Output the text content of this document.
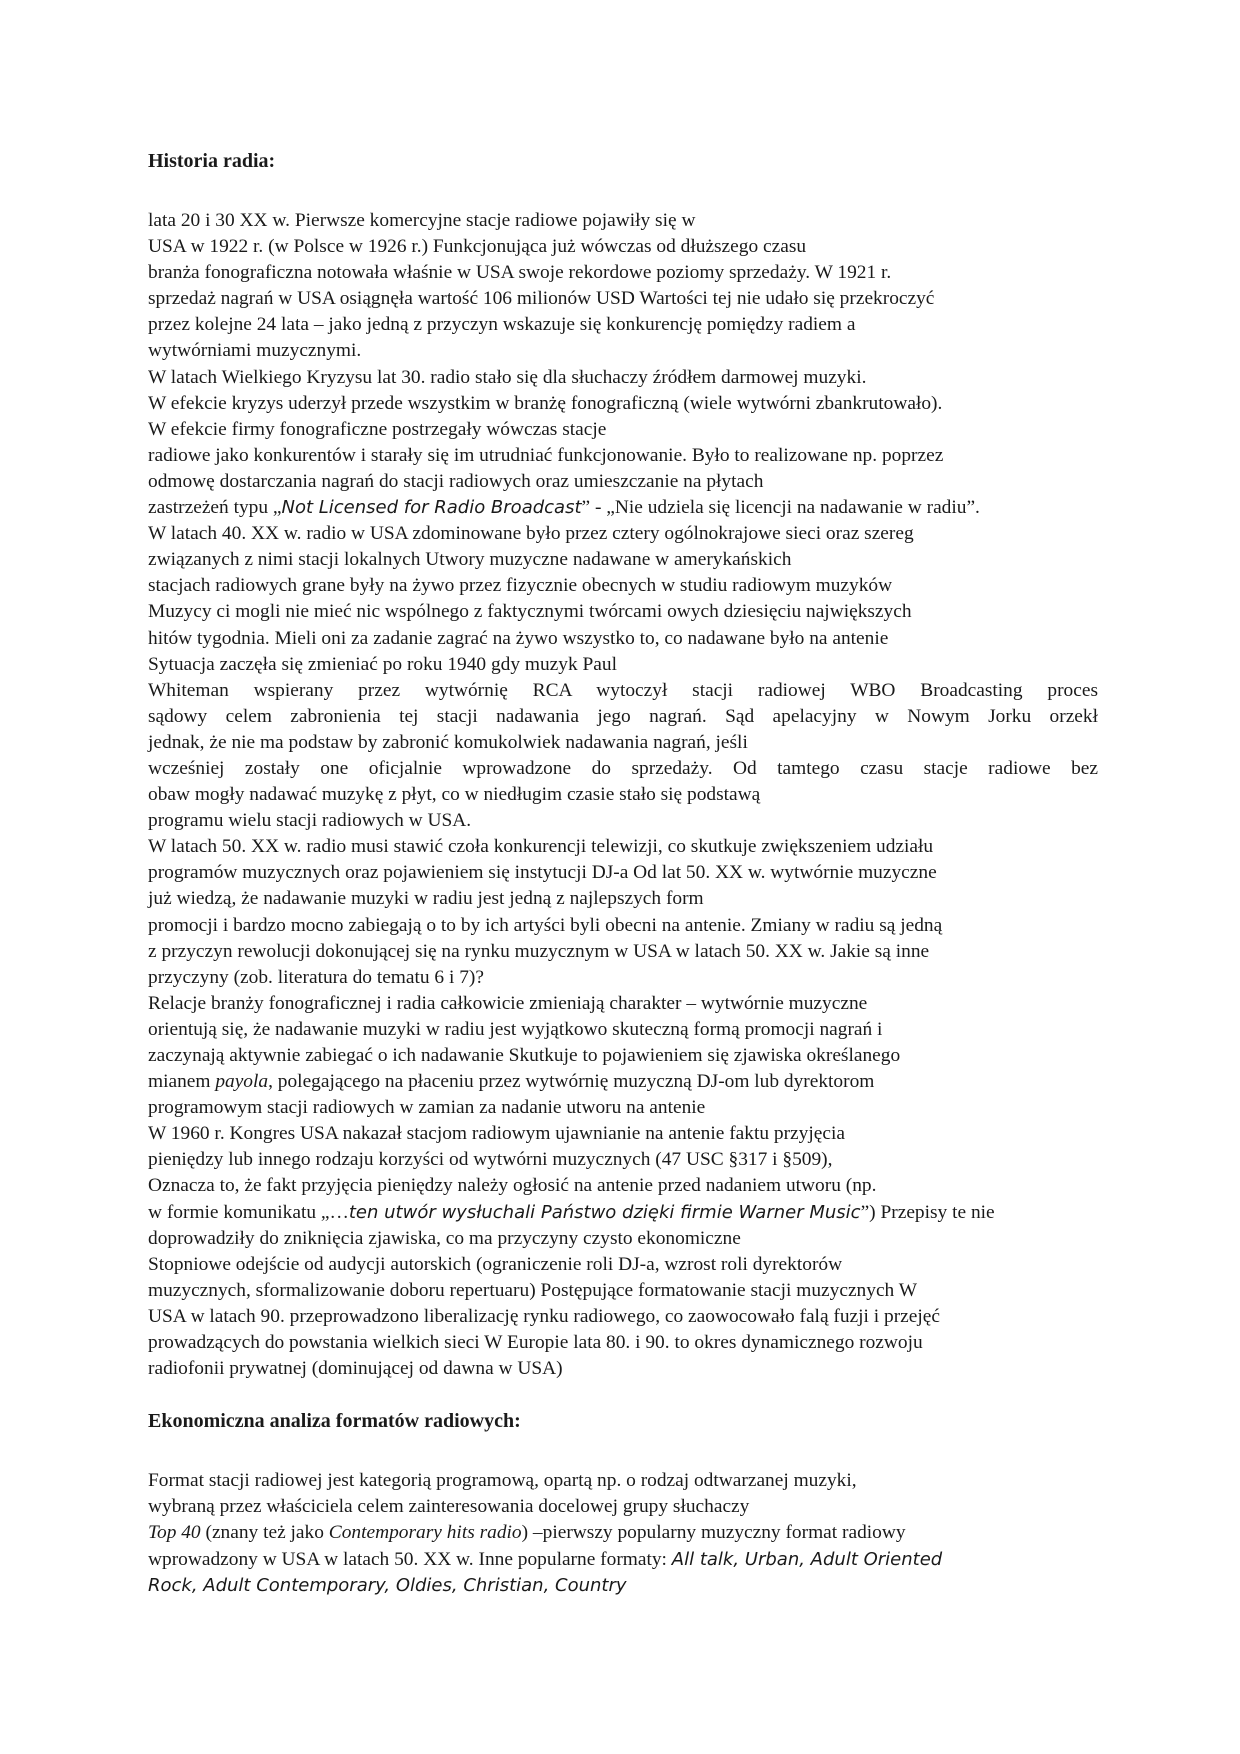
Historia radia:
lata 20 i 30 XX w. Pierwsze komercyjne stacje radiowe pojawiły się w
USA w 1922 r. (w Polsce w 1926 r.) Funkcjonująca już wówczas od dłuższego czasu
branża fonograficzna notowała właśnie w USA swoje rekordowe poziomy sprzedaży. W 1921 r.
sprzedaż nagrań w USA osiągnęła wartość 106 milionów USD Wartości tej nie udało się przekroczyć
przez kolejne 24 lata – jako jedną z przyczyn wskazuje się konkurencję pomiędzy radiem a
wytwórniami muzycznymi.
W latach Wielkiego Kryzysu lat 30. radio stało się dla słuchaczy źródłem darmowej muzyki.
W efekcie kryzys uderzył przede wszystkim w branżę fonograficzną (wiele wytwórni zbankrutowało).
W efekcie firmy fonograficzne postrzegały wówczas stacje
radiowe jako konkurentów i starały się im utrudniać funkcjonowanie. Było to realizowane np. poprzez
odmowę dostarczania nagrań do stacji radiowych oraz umieszczanie na płytach
zastrzeżeń typu „Not Licensed for Radio Broadcast” - „Nie udziela się licencji na nadawanie w radiu”.
W latach 40. XX w. radio w USA zdominowane było przez cztery ogólnokrajowe sieci oraz szereg
związanych z nimi stacji lokalnych Utwory muzyczne nadawane w amerykańskich
stacjach radiowych grane były na żywo przez fizycznie obecnych w studiu radiowym muzyków
Muzycy ci mogli nie mieć nic wspólnego z faktycznymi twórcami owych dziesięciu największych
hitów tygodnia. Mieli oni za zadanie zagrać na żywo wszystko to, co nadawane było na antenie
Sytuacja zaczęła się zmieniać po roku 1940 gdy muzyk Paul
Whiteman wspierany przez wytwórnię RCA wytoczył stacji radiowej WBO Broadcasting proces
sądowy celem zabronienia tej stacji nadawania jego nagrań. Sąd apelacyjny w Nowym Jorku orzekł
jednak, że nie ma podstaw by zabronić komukolwiek nadawania nagrań, jeśli
wcześniej zostały one oficjalnie wprowadzone do sprzedaży. Od tamtego czasu stacje radiowe bez
obaw mogły nadawać muzykę z płyt, co w niedługim czasie stało się podstawą
programu wielu stacji radiowych w USA.
W latach 50. XX w. radio musi stawić czoła konkurencji telewizji, co skutkuje zwiększeniem udziału
programów muzycznych oraz pojawieniem się instytucji DJ-a Od lat 50. XX w. wytwórnie muzyczne
już wiedzą, że nadawanie muzyki w radiu jest jedną z najlepszych form
promocji i bardzo mocno zabiegają o to by ich artyści byli obecni na antenie. Zmiany w radiu są jedną
z przyczyn rewolucji dokonującej się na rynku muzycznym w USA w latach 50. XX w. Jakie są inne
przyczyny (zob. literatura do tematu 6 i 7)?
Relacje branży fonograficznej i radia całkowicie zmieniają charakter – wytwórnie muzyczne
orientują się, że nadawanie muzyki w radiu jest wyjątkowo skuteczną formą promocji nagrań i
zaczynają aktywnie zabiegać o ich nadawanie Skutkuje to pojawieniem się zjawiska określanego
mianem payola, polegającego na płaceniu przez wytwórnię muzyczną DJ-om lub dyrektorom
programowym stacji radiowych w zamian za nadanie utworu na antenie
W 1960 r. Kongres USA nakazał stacjom radiowym ujawnianie na antenie faktu przyjęcia
pieniędzy lub innego rodzaju korzyści od wytwórni muzycznych (47 USC §317 i §509),
Oznacza to, że fakt przyjęcia pieniędzy należy ogłosić na antenie przed nadaniem utworu (np.
w formie komunikatu „…ten utwór wysłuchali Państwo dzięki firmie Warner Music”) Przepisy te nie
doprowadziły do zniknięcia zjawiska, co ma przyczyny czysto ekonomiczne
Stopniowe odejście od audycji autorskich (ograniczenie roli DJ-a, wzrost roli dyrektorów
muzycznych, sformalizowanie doboru repertuaru) Postępujące formatowanie stacji muzycznych W
USA w latach 90. przeprowadzono liberalizację rynku radiowego, co zaowocowało falą fuzji i przejęć
prowadzących do powstania wielkich sieci W Europie lata 80. i 90. to okres dynamicznego rozwoju
radiofonii prywatnej (dominującej od dawna w USA)
Ekonomiczna analiza formatów radiowych:
Format stacji radiowej jest kategorią programową, opartą np. o rodzaj odtwarzanej muzyki,
wybraną przez właściciela celem zainteresowania docelowej grupy słuchaczy
Top 40 (znany też jako Contemporary hits radio) –pierwszy popularny muzyczny format radiowy
wprowadzony w USA w latach 50. XX w. Inne popularne formaty: All talk, Urban, Adult Oriented
Rock, Adult Contemporary, Oldies, Christian, Country
